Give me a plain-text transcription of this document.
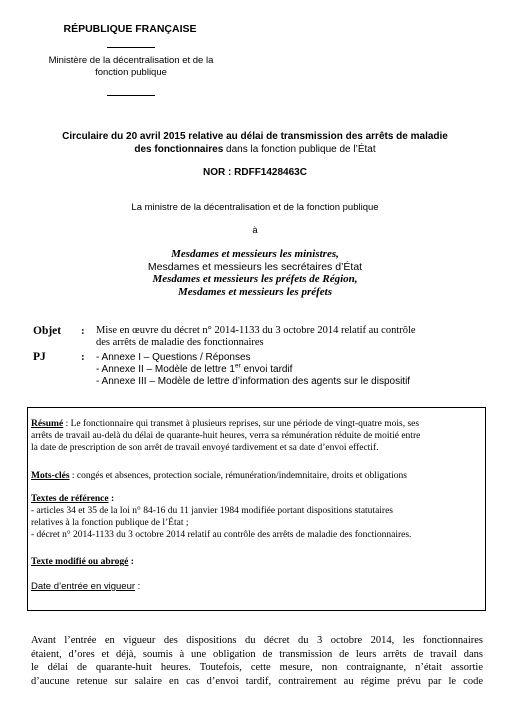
RÉPUBLIQUE FRANÇAISE
Ministère de la décentralisation et de la
fonction publique
Circulaire du 20 avril 2015 relative au délai de transmission des arrêts de maladie
des fonctionnaires dans la fonction publique de l’État
NOR : RDFF1428463C
La ministre de la décentralisation et de la fonction publique
à
Mesdames et messieurs les ministres,
Mesdames et messieurs les secrétaires d’État
Mesdames et messieurs les préfets de Région,
Mesdames et messieurs les préfets
Objet : Mise en œuvre du décret n° 2014-1133 du 3 octobre 2014 relatif au contrôle
des arrêts de maladie des fonctionnaires
PJ	: - Annexe I – Questions / Réponses
- Annexe II – Modèle de lettre 1er envoi tardif
- Annexe III – Modèle de lettre d’information des agents sur le dispositif
Résumé : Le fonctionnaire qui transmet à plusieurs reprises, sur une période de vingt-quatre mois, ses
arrêts de travail au-delà du délai de quarante-huit heures, verra sa rémunération réduite de moitié entre
la date de prescription de son arrêt de travail envoyé tardivement et sa date d’envoi effectif.
Mots-clés : congés et absences, protection sociale, rémunération/indemnitaire, droits et obligations
Textes de référence :
- articles 34 et 35 de la loi n° 84-16 du 11 janvier 1984 modifiée portant dispositions statutaires
relatives à la fonction publique de l’État ;
- décret n° 2014-1133 du 3 octobre 2014 relatif au contrôle des arrêts de maladie des fonctionnaires.
Texte modifié ou abrogé :
Date d’entrée en vigueur :
Avant l’entrée en vigueur des dispositions du décret du 3 octobre 2014, les fonctionnaires
étaient, d’ores et déjà, soumis à une obligation de transmission de leurs arrêts de travail dans
le délai de quarante-huit heures. Toutefois, cette mesure, non contraignante, n’était assortie
d’aucune retenue sur salaire en cas d’envoi tardif, contrairement au régime prévu par le code
